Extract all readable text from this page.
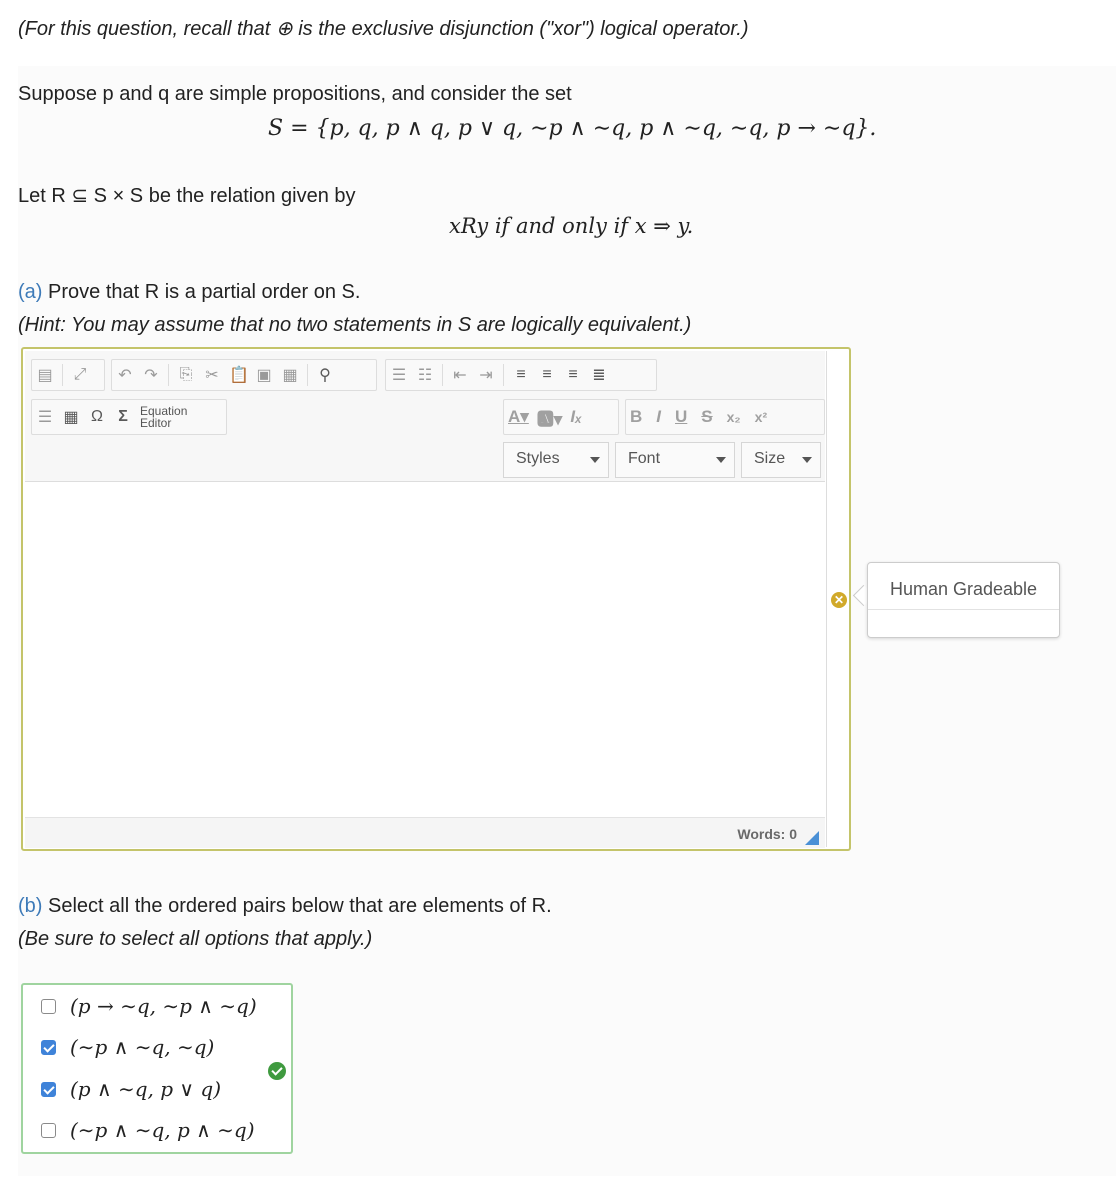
(For this question, recall that ⊕ is the exclusive disjunction ("xor") logical operator.)
Suppose p and q are simple propositions, and consider the set
S = {p, q, p ∧ q, p ∨ q, ∼p ∧ ∼q, p ∧ ∼q, ∼q, p → ∼q}.
Let R ⊆ S × S be the relation given by
xRy if and only if x ⇒ y.
(a) Prove that R is a partial order on S.
(Hint: You may assume that no two statements in S are logically equivalent.)
▤ ⤢ ↶ ↷ ⎘ ✂ 📋 ▣ ▦ ⚲	☰ ☷ ⇤ ⇥ ≡ ≡ ≡ ≣
☰ ▦ Ω Σ	Equation
Editor	A▾ 🅰▾ Iₓ	B I U S x₂ x²
Styles	Font	Size
Words: 0
✕
Human Gradeable
(b) Select all the ordered pairs below that are elements of R.
(Be sure to select all options that apply.)
(p → ∼q, ∼p ∧ ∼q)
(∼p ∧ ∼q, ∼q)
(p ∧ ∼q, p ∨ q)
(∼p ∧ ∼q, p ∧ ∼q)
